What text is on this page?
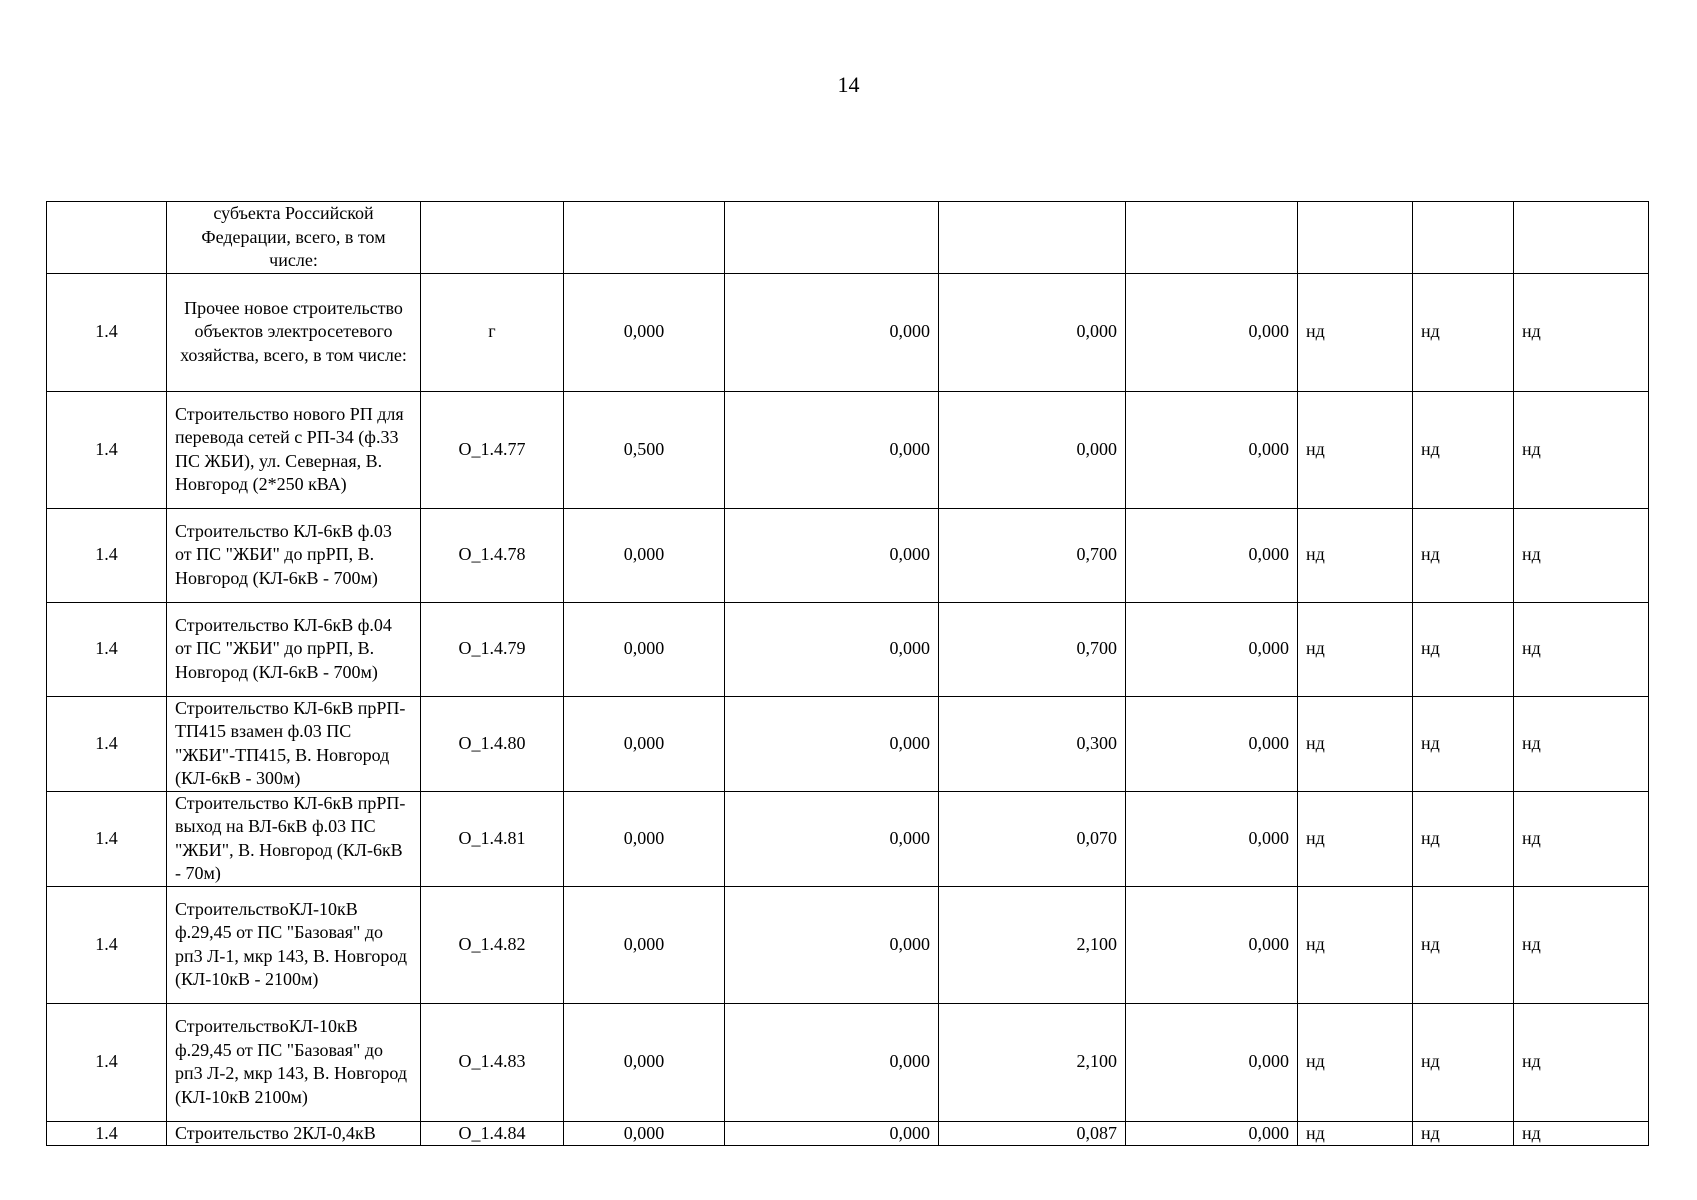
14
	субъекта Российской Федерации, всего, в том числе:								
1.4	Прочее новое строительство объектов электросетевого хозяйства, всего, в том числе:	г	0,000	0,000	0,000	0,000	нд	нд	нд
1.4	Строительство нового РП для перевода сетей с РП-34 (ф.33 ПС ЖБИ), ул. Северная, В. Новгород (2*250 кВА)	O_1.4.77	0,500	0,000	0,000	0,000	нд	нд	нд
1.4	Строительство КЛ-6кВ ф.03 от ПС "ЖБИ" до прРП, В. Новгород (КЛ-6кВ - 700м)	O_1.4.78	0,000	0,000	0,700	0,000	нд	нд	нд
1.4	Строительство КЛ-6кВ ф.04 от ПС "ЖБИ" до прРП, В. Новгород (КЛ-6кВ - 700м)	O_1.4.79	0,000	0,000	0,700	0,000	нд	нд	нд
1.4	Строительство КЛ-6кВ прРП-ТП415 взамен ф.03 ПС "ЖБИ"-ТП415, В. Новгород (КЛ-6кВ - 300м)	O_1.4.80	0,000	0,000	0,300	0,000	нд	нд	нд
1.4	Строительство КЛ-6кВ прРП-выход на ВЛ-6кВ ф.03 ПС "ЖБИ", В. Новгород (КЛ-6кВ - 70м)	O_1.4.81	0,000	0,000	0,070	0,000	нд	нд	нд
1.4	СтроительствоКЛ-10кВ ф.29,45 от ПС "Базовая" до рп3 Л-1, мкр 143, В. Новгород (КЛ-10кВ - 2100м)	O_1.4.82	0,000	0,000	2,100	0,000	нд	нд	нд
1.4	СтроительствоКЛ-10кВ ф.29,45 от ПС "Базовая" до рп3 Л-2, мкр 143, В. Новгород (КЛ-10кВ 2100м)	O_1.4.83	0,000	0,000	2,100	0,000	нд	нд	нд
1.4	Строительство 2КЛ-0,4кВ	O_1.4.84	0,000	0,000	0,087	0,000	нд	нд	нд
